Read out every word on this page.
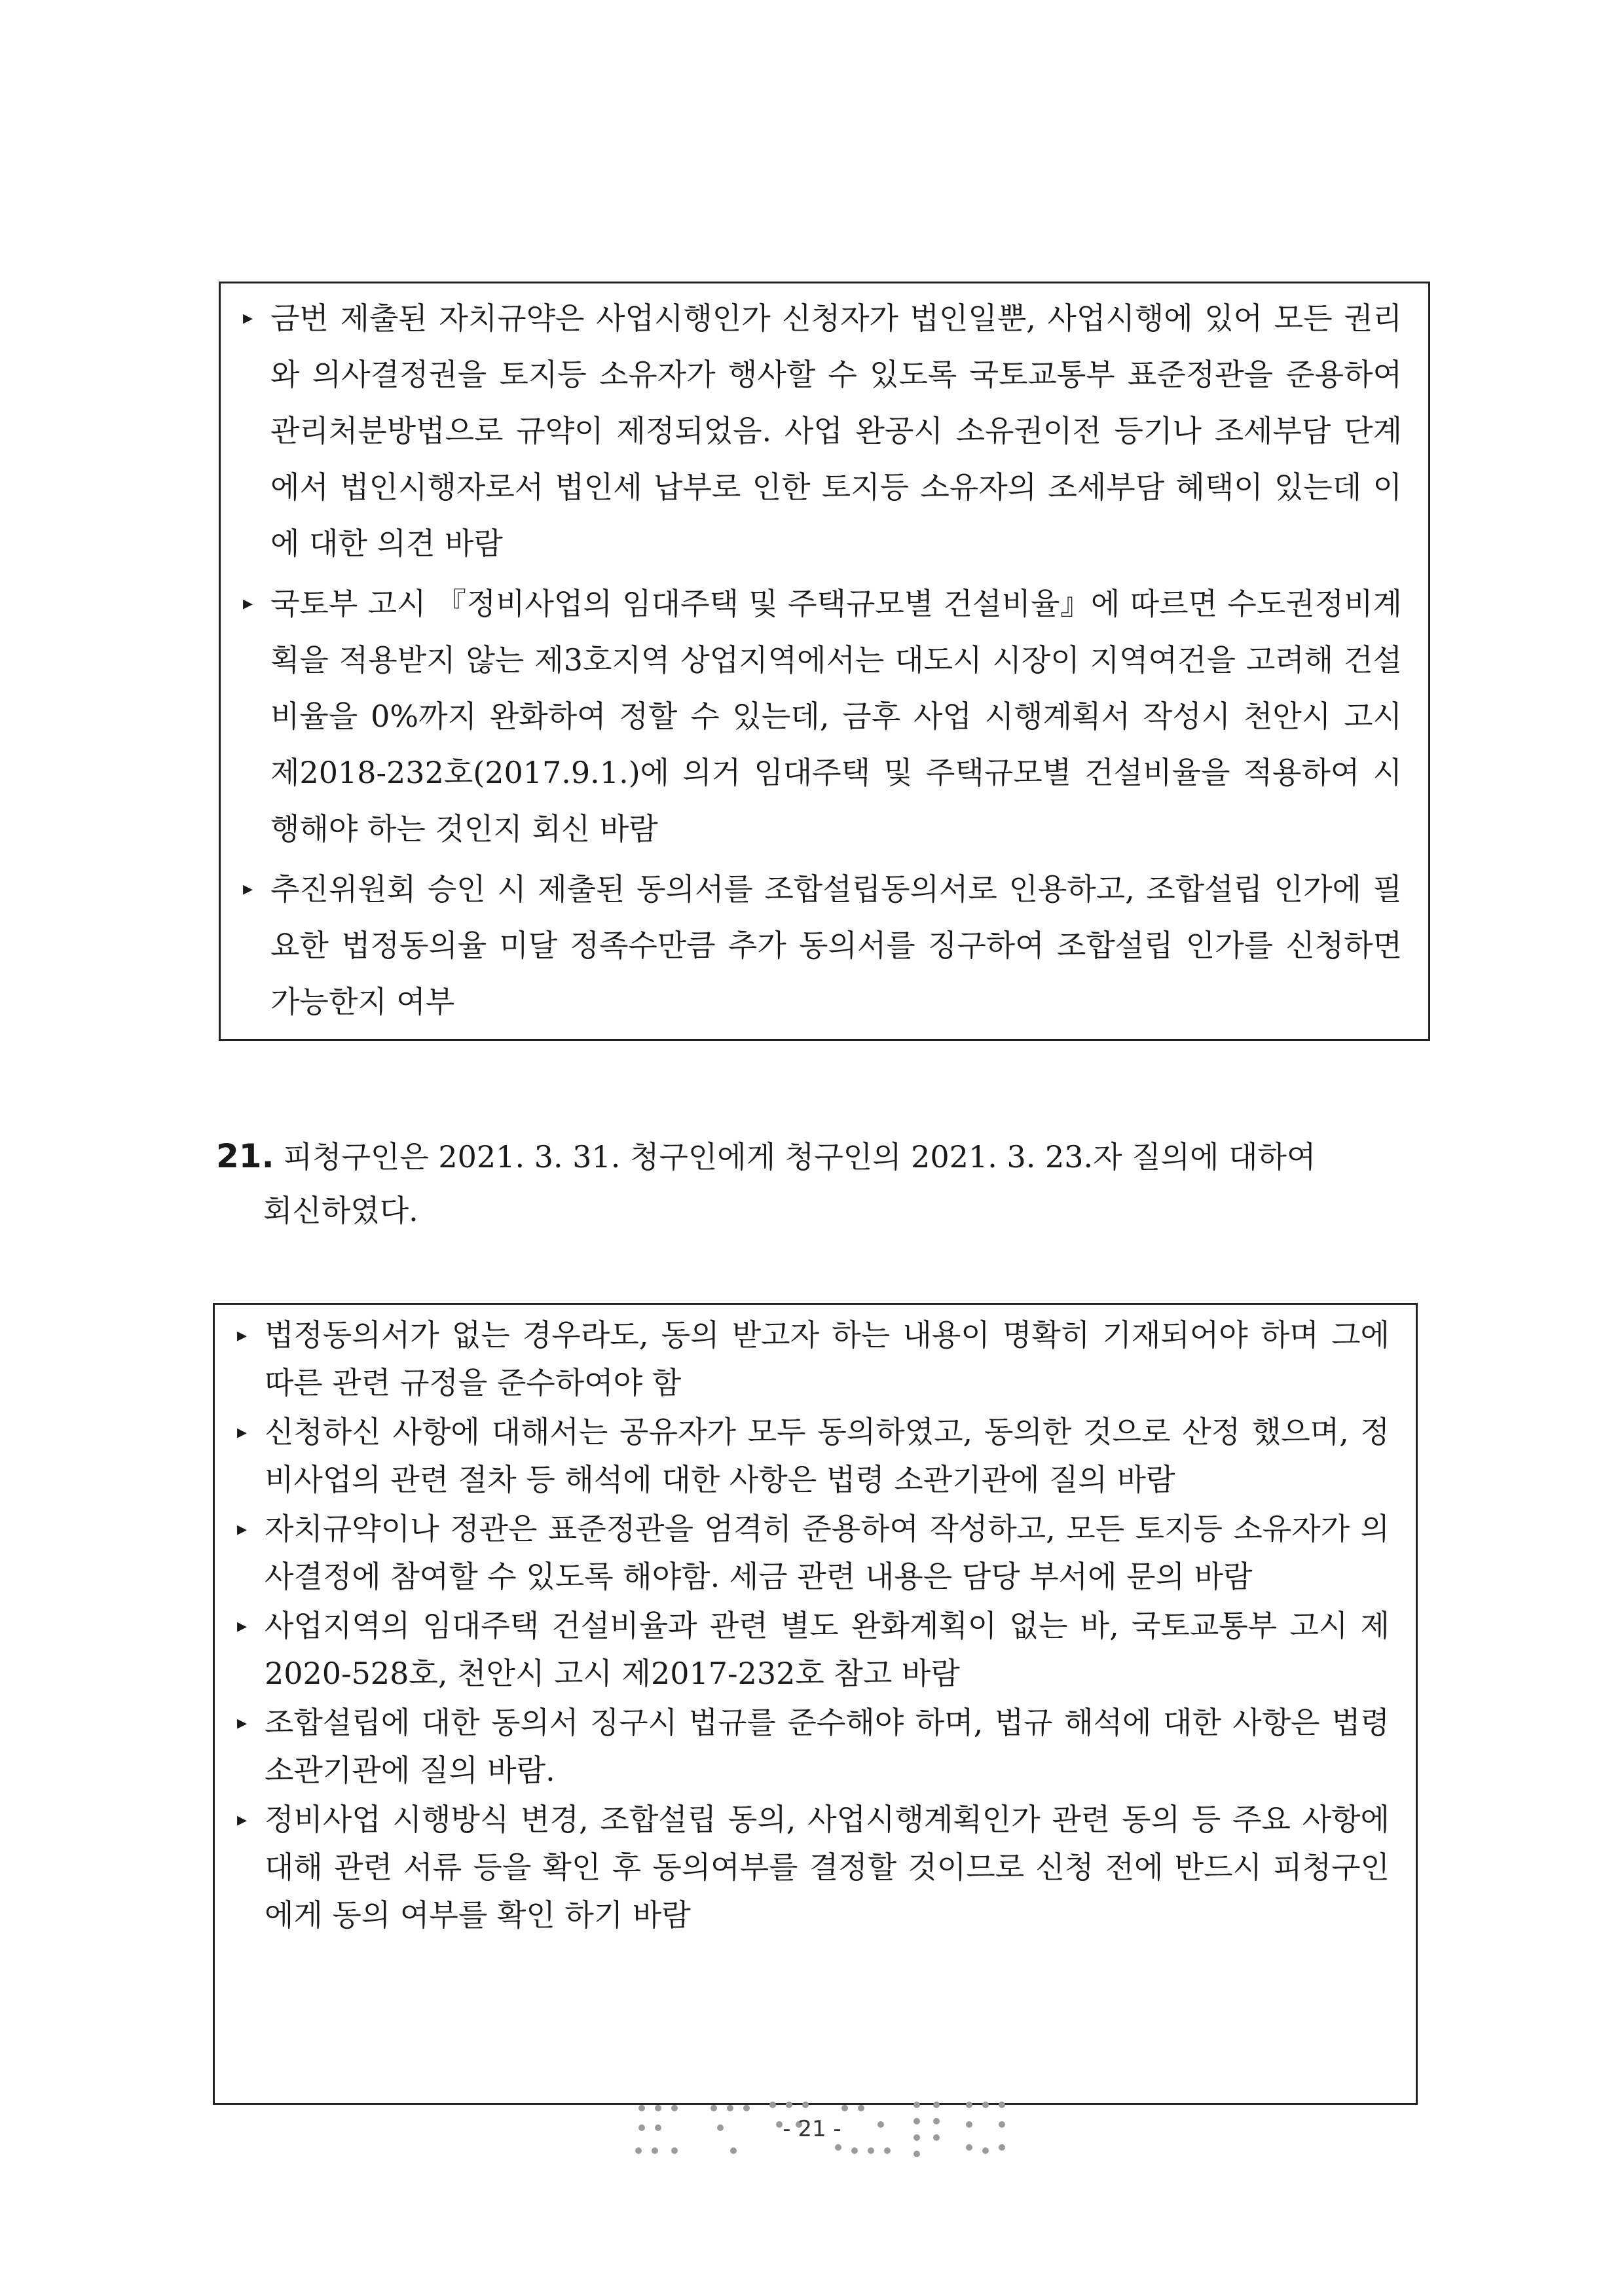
▸ 금번 제출된 자치규약은 사업시행인가 신청자가 법인일뿐, 사업시행에 있어 모든 권리와 의사결정권을 토지등 소유자가 행사할 수 있도록 국토교통부 표준정관을 준용하여 관리처분방법으로 규약이 제정되었음. 사업 완공시 소유권이전 등기나 조세부담 단계에서 법인시행자로서 법인세 납부로 인한 토지등 소유자의 조세부담 혜택이 있는데 이에 대한 의견 바람
▸ 국토부 고시 『정비사업의 임대주택 및 주택규모별 건설비율』에 따르면 수도권정비계획을 적용받지 않는 제3호지역 상업지역에서는 대도시 시장이 지역여건을 고려해 건설비율을 0%까지 완화하여 정할 수 있는데, 금후 사업 시행계획서 작성시 천안시 고시 제2018-232호(2017.9.1.)에 의거 임대주택 및 주택규모별 건설비율을 적용하여 시행해야 하는 것인지 회신 바람
▸ 추진위원회 승인 시 제출된 동의서를 조합설립동의서로 인용하고, 조합설립 인가에 필요한 법정동의율 미달 정족수만큼 추가 동의서를 징구하여 조합설립 인가를 신청하면 가능한지 여부
21. 피청구인은 2021. 3. 31. 청구인에게 청구인의 2021. 3. 23.자 질의에 대하여
회신하였다.
▸ 법정동의서가 없는 경우라도, 동의 받고자 하는 내용이 명확히 기재되어야 하며 그에 따른 관련 규정을 준수하여야 함
▸ 신청하신 사항에 대해서는 공유자가 모두 동의하였고, 동의한 것으로 산정 했으며, 정비사업의 관련 절차 등 해석에 대한 사항은 법령 소관기관에 질의 바람
▸ 자치규약이나 정관은 표준정관을 엄격히 준용하여 작성하고, 모든 토지등 소유자가 의사결정에 참여할 수 있도록 해야함. 세금 관련 내용은 담당 부서에 문의 바람
▸ 사업지역의 임대주택 건설비율과 관련 별도 완화계획이 없는 바, 국토교통부 고시 제2020-528호, 천안시 고시 제2017-232호 참고 바람
▸ 조합설립에 대한 동의서 징구시 법규를 준수해야 하며, 법규 해석에 대한 사항은 법령 소관기관에 질의 바람.
▸ 정비사업 시행방식 변경, 조합설립 동의, 사업시행계획인가 관련 동의 등 주요 사항에 대해 관련 서류 등을 확인 후 동의여부를 결정할 것이므로 신청 전에 반드시 피청구인에게 동의 여부를 확인 하기 바람
- 21 -
